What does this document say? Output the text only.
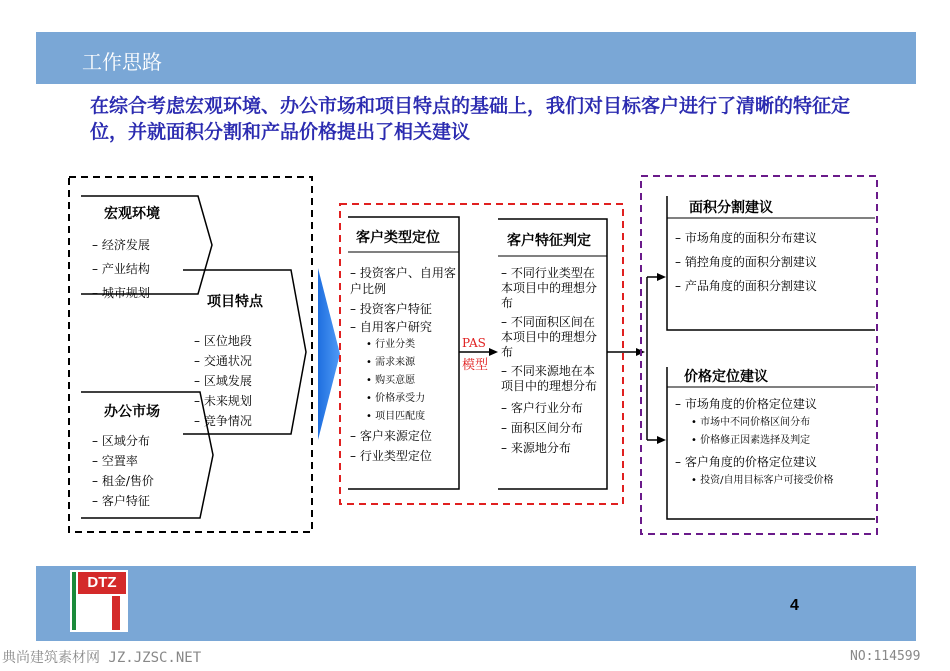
工作思路
在综合考虑宏观环境、办公市场和项目特点的基础上，我们对目标客户进行了清晰的特征定位，并就面积分割和产品价格提出了相关建议
宏观环境
– 经济发展
– 产业结构
– 城市规划
项目特点
– 区位地段
– 交通状况
– 区域发展
– 未来规划
– 竞争情况
办公市场
– 区域分布
– 空置率
– 租金/售价
– 客户特征
客户类型定位
– 投资客户、自用客户比例
– 投资客户特征
– 自用客户研究
• 行业分类
• 需求来源
• 购买意愿
• 价格承受力
• 项目匹配度
– 客户来源定位
– 行业类型定位
PAS
模型
客户特征判定
– 不同行业类型在本项目中的理想分布
– 不同面积区间在本项目中的理想分布
– 不同来源地在本项目中的理想分布
– 客户行业分布
– 面积区间分布
– 来源地分布
面积分割建议
– 市场角度的面积分布建议
– 销控角度的面积分割建议
– 产品角度的面积分割建议
价格定位建议
– 市场角度的价格定位建议
• 市场中不同价格区间分布
• 价格修正因素选择及判定
– 客户角度的价格定位建议
• 投资/自用目标客户可接受价格
DTZ
4
典尚建筑素材网 JZ.JZSC.NET	NO:114599
